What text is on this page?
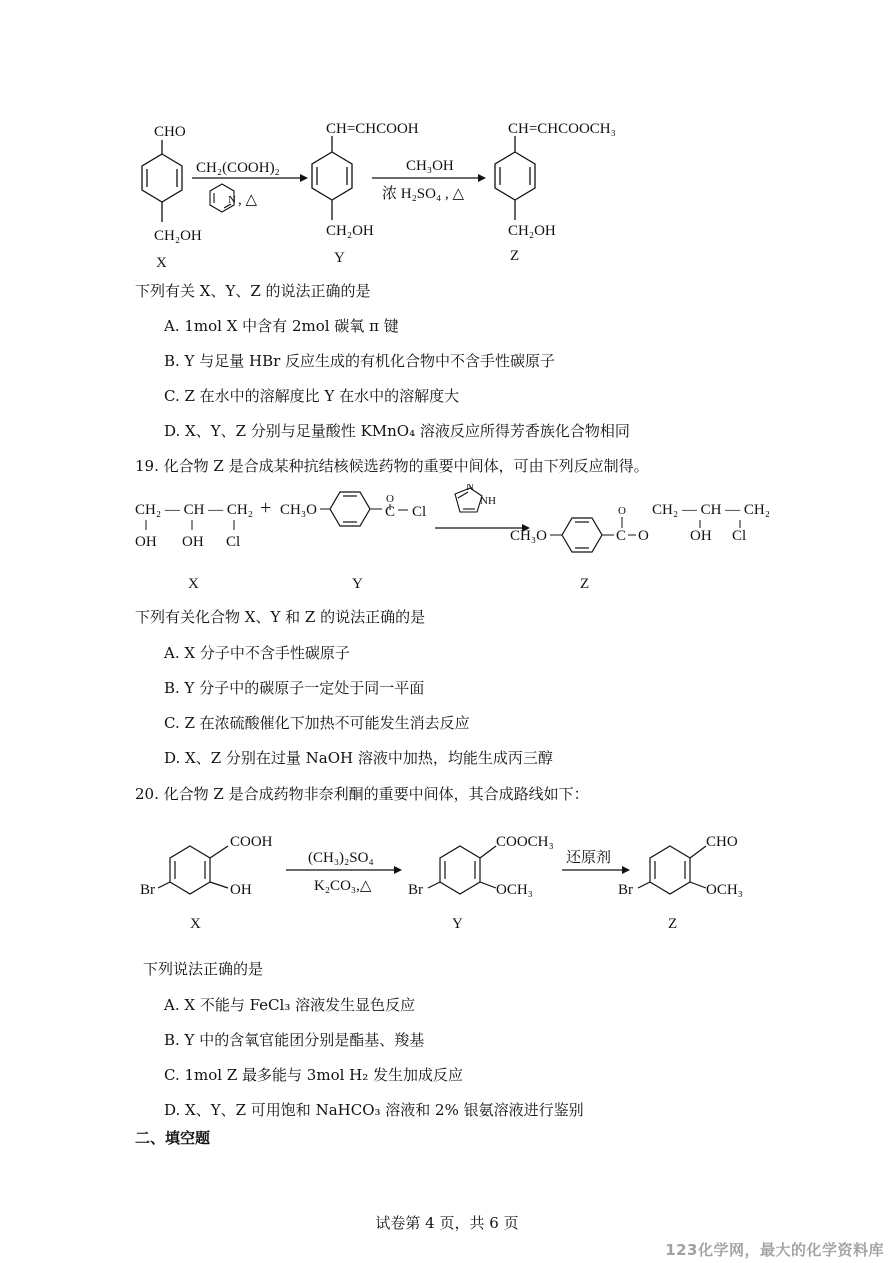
CHO
CH₂OH
X
CH₂(COOH)₂
N , △
CH=CHCOOH
CH₂OH
Y
CH₃OH
浓 H₂SO₄ , △
CH=CHCOOCH₃
CH₂OH
Z
下列有关 X、Y、Z 的说法正确的是
A. 1mol X 中含有 2mol 碳氧 π 键
B. Y 与足量 HBr 反应生成的有机化合物中不含手性碳原子
C. Z 在水中的溶解度比 Y 在水中的溶解度大
D. X、Y、Z 分别与足量酸性 KMnO₄ 溶液反应所得芳香族化合物相同
19. 化合物 Z 是合成某种抗结核候选药物的重要中间体，可由下列反应制得。
CH₂ — CH — CH₂
OH OH Cl
X
+ CH₃O
O
C Cl
Y
NH
N
CH₃O
O
C O
CH₂ — CH — CH₂
OH Cl
Z
下列有关化合物 X、Y 和 Z 的说法正确的是
A. X 分子中不含手性碳原子
B. Y 分子中的碳原子一定处于同一平面
C. Z 在浓硫酸催化下加热不可能发生消去反应
D. X、Z 分别在过量 NaOH 溶液中加热，均能生成丙三醇
20. 化合物 Z 是合成药物非奈利酮的重要中间体，其合成路线如下：
COOH
Br	OH
X
(CH₃)₂SO₄
K₂CO₃,△
COOCH₃
Br	OCH₃
Y
还原剂
CHO
Br	OCH₃
Z
下列说法正确的是
A. X 不能与 FeCl₃ 溶液发生显色反应
B. Y 中的含氧官能团分别是酯基、羧基
C. 1mol Z 最多能与 3mol H₂ 发生加成反应
D. X、Y、Z 可用饱和 NaHCO₃ 溶液和 2% 银氨溶液进行鉴别
二、填空题
试卷第 4 页，共 6 页
123化学网，最大的化学资料库
